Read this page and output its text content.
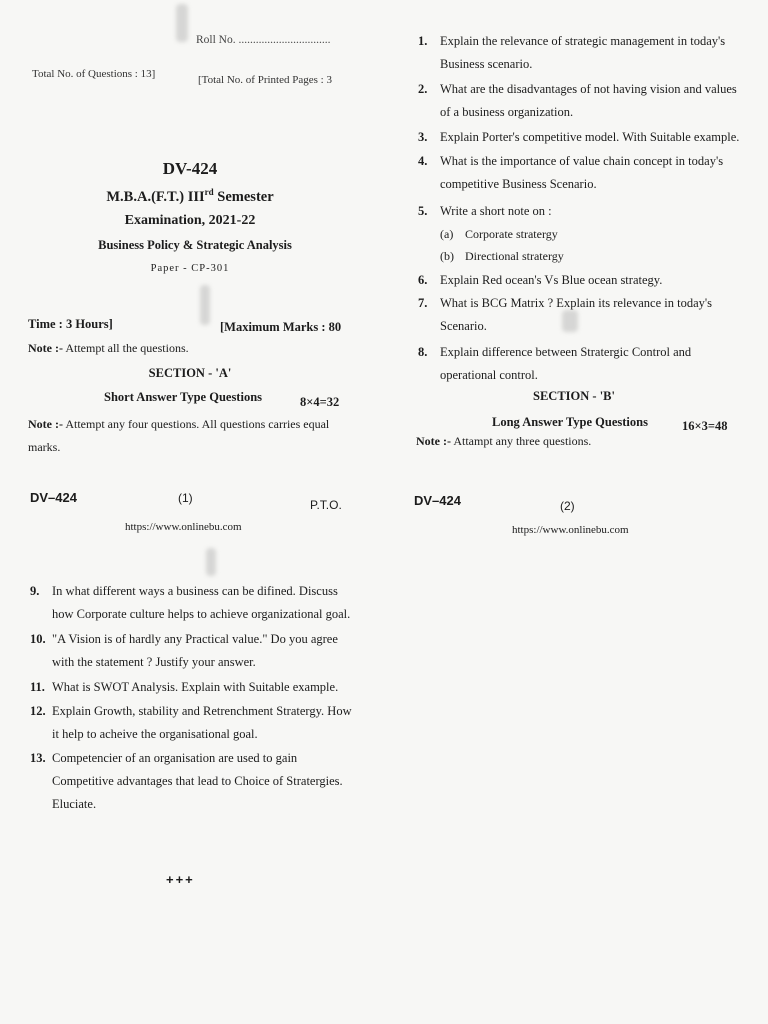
Roll No. ................................
Total No. of Questions : 13]	[Total No. of Printed Pages : 3
DV-424
M.B.A.(F.T.) IIIrd Semester
Examination, 2021-22
Business Policy & Strategic Analysis
Paper - CP-301
Time : 3 Hours]	[Maximum Marks : 80
Note :- Attempt all the questions.
SECTION - 'A'
Short Answer Type Questions	8×4=32
Note :- Attempt any four questions. All questions carries equal marks.
DV–424	(1)	P.T.O.
https://www.onlinebu.com
1.	Explain the relevance of strategic management in today's Business scenario.
2.	What are the disadvantages of not having vision and values of a business organization.
3.	Explain Porter's competitive model. With Suitable example.
4.	What is the importance of value chain concept in today's competitive Business Scenario.
5.	Write a short note on :
(a) Corporate stratergy
(b) Directional stratergy
6.	Explain Red ocean's Vs Blue ocean strategy.
7.	What is BCG Matrix ? Explain its relevance in today's Scenario.
8.	Explain difference between Stratergic Control and operational control.
SECTION - 'B'
Long Answer Type Questions	16×3=48
Note :- Attampt any three questions.
DV–424	(2)
https://www.onlinebu.com
9.	In what different ways a business can be difined. Discuss how Corporate culture helps to achieve organizational goal.
10. "A Vision is of hardly any Practical value." Do you agree with the statement ? Justify your answer.
11. What is SWOT Analysis. Explain with Suitable example.
12. Explain Growth, stability and Retrenchment Stratergy. How it help to acheive the organisational goal.
13. Competencier of an organisation are used to gain Competitive advantages that lead to Choice of Stratergies. Eluciate.
+++
